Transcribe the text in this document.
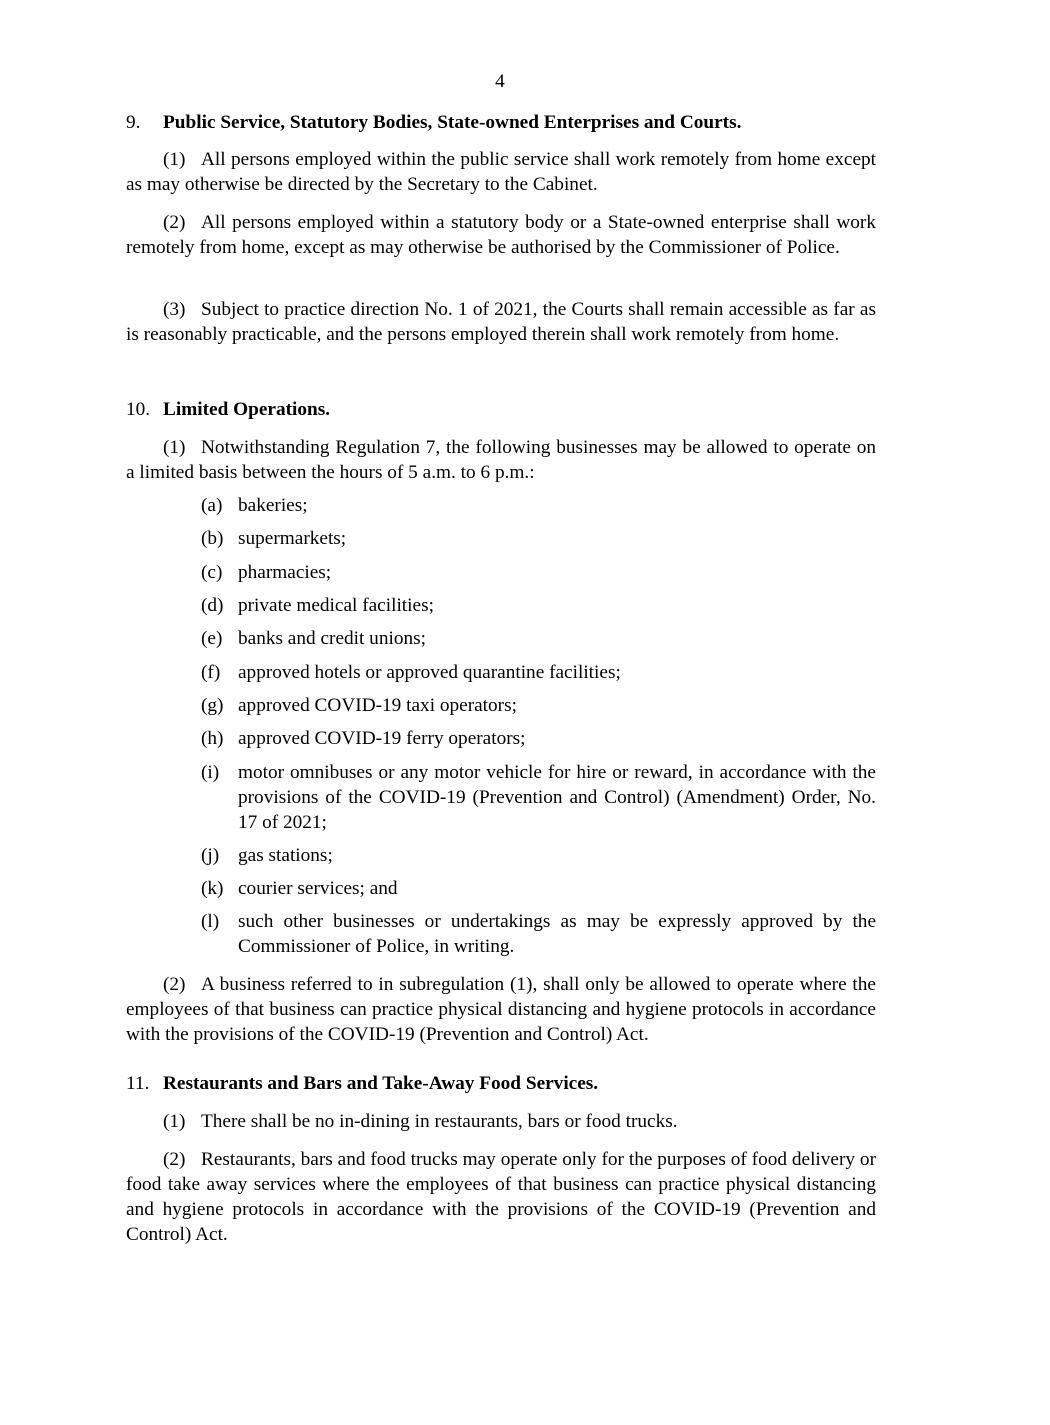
4
9. Public Service, Statutory Bodies, State-owned Enterprises and Courts.
(1) All persons employed within the public service shall work remotely from home except as may otherwise be directed by the Secretary to the Cabinet.
(2) All persons employed within a statutory body or a State-owned enterprise shall work remotely from home, except as may otherwise be authorised by the Commissioner of Police.
(3) Subject to practice direction No. 1 of 2021, the Courts shall remain accessible as far as is reasonably practicable, and the persons employed therein shall work remotely from home.
10. Limited Operations.
(1) Notwithstanding Regulation 7, the following businesses may be allowed to operate on a limited basis between the hours of 5 a.m. to 6 p.m.:
(a) bakeries;
(b) supermarkets;
(c) pharmacies;
(d) private medical facilities;
(e) banks and credit unions;
(f) approved hotels or approved quarantine facilities;
(g) approved COVID-19 taxi operators;
(h) approved COVID-19 ferry operators;
(i) motor omnibuses or any motor vehicle for hire or reward, in accordance with the provisions of the COVID-19 (Prevention and Control) (Amendment) Order, No. 17 of 2021;
(j) gas stations;
(k) courier services; and
(l) such other businesses or undertakings as may be expressly approved by the Commissioner of Police, in writing.
(2) A business referred to in subregulation (1), shall only be allowed to operate where the employees of that business can practice physical distancing and hygiene protocols in accordance with the provisions of the COVID-19 (Prevention and Control) Act.
11. Restaurants and Bars and Take-Away Food Services.
(1) There shall be no in-dining in restaurants, bars or food trucks.
(2) Restaurants, bars and food trucks may operate only for the purposes of food delivery or food take away services where the employees of that business can practice physical distancing and hygiene protocols in accordance with the provisions of the COVID-19 (Prevention and Control) Act.
